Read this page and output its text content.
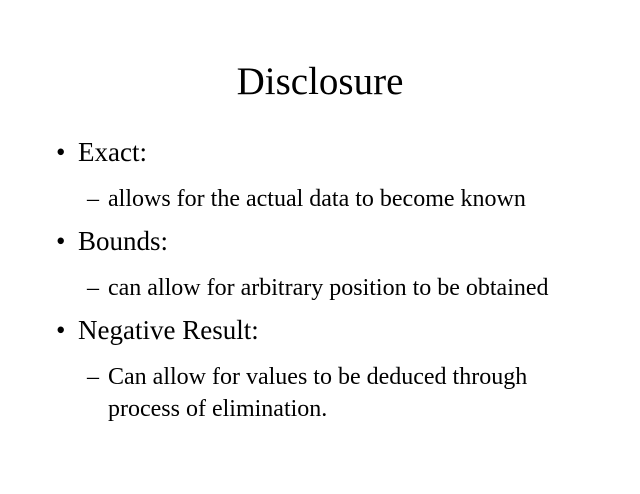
Disclosure
• Exact:
– allows for the actual data to become known
• Bounds:
– can allow for arbitrary position to be obtained
• Negative Result:
– Can allow for values to be deduced through process of elimination.
